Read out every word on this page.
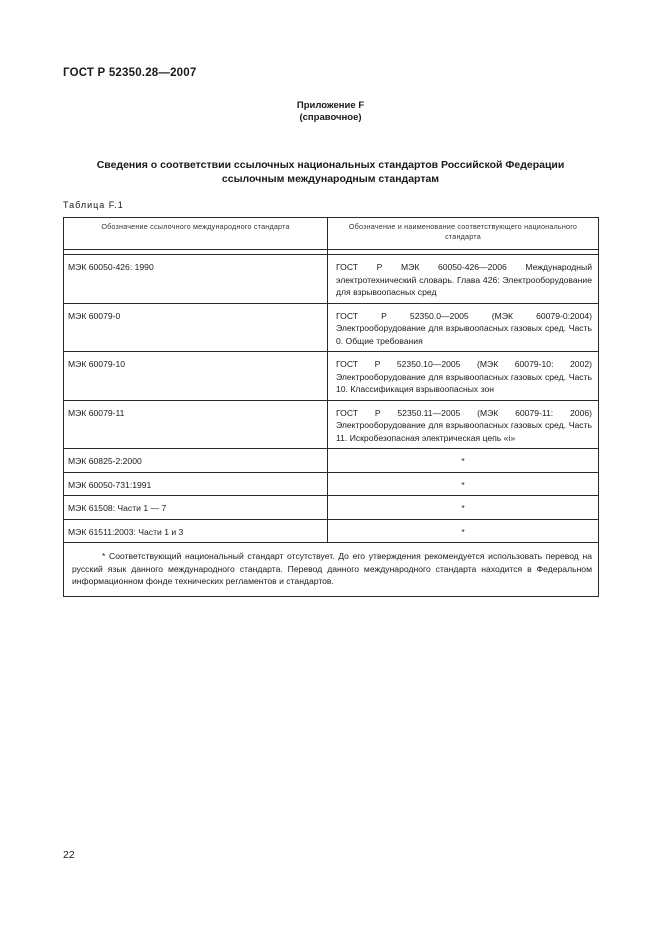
ГОСТ Р 52350.28—2007
Приложение F
(справочное)
Сведения о соответствии ссылочных национальных стандартов Российской Федерации
ссылочным международным стандартам
Таблица F.1
Обозначение ссылочного международного стандарта	Обозначение и наименование соответствующего национального стандарта

МЭК 60050-426: 1990	ГОСТ Р МЭК 60050-426—2006 Международный электротехнический словарь. Глава 426: Электрооборудование для взрывоопасных сред
МЭК 60079-0	ГОСТ Р 52350.0—2005 (МЭК 60079-0:2004) Электрооборудование для взрывоопасных газовых сред. Часть 0. Общие требования
МЭК 60079-10	ГОСТ Р 52350.10—2005 (МЭК 60079-10: 2002) Электрооборудование для взрывоопасных газовых сред. Часть 10. Классификация взрывоопасных зон
МЭК 60079-11	ГОСТ Р 52350.11—2005 (МЭК 60079-11: 2006) Электрооборудование для взрывоопасных газовых сред. Часть 11. Искробезопасная электрическая цепь «i»
МЭК 60825-2:2000	*
МЭК 60050-731:1991	*
МЭК 61508: Части 1 — 7	*
МЭК 61511:2003: Части 1 и 3	*
* Соответствующий национальный стандарт отсутствует. До его утверждения рекомендуется использовать перевод на русский язык данного международного стандарта. Перевод данного международного стандарта находится в Федеральном информационном фонде технических регламентов и стандартов.	
22
